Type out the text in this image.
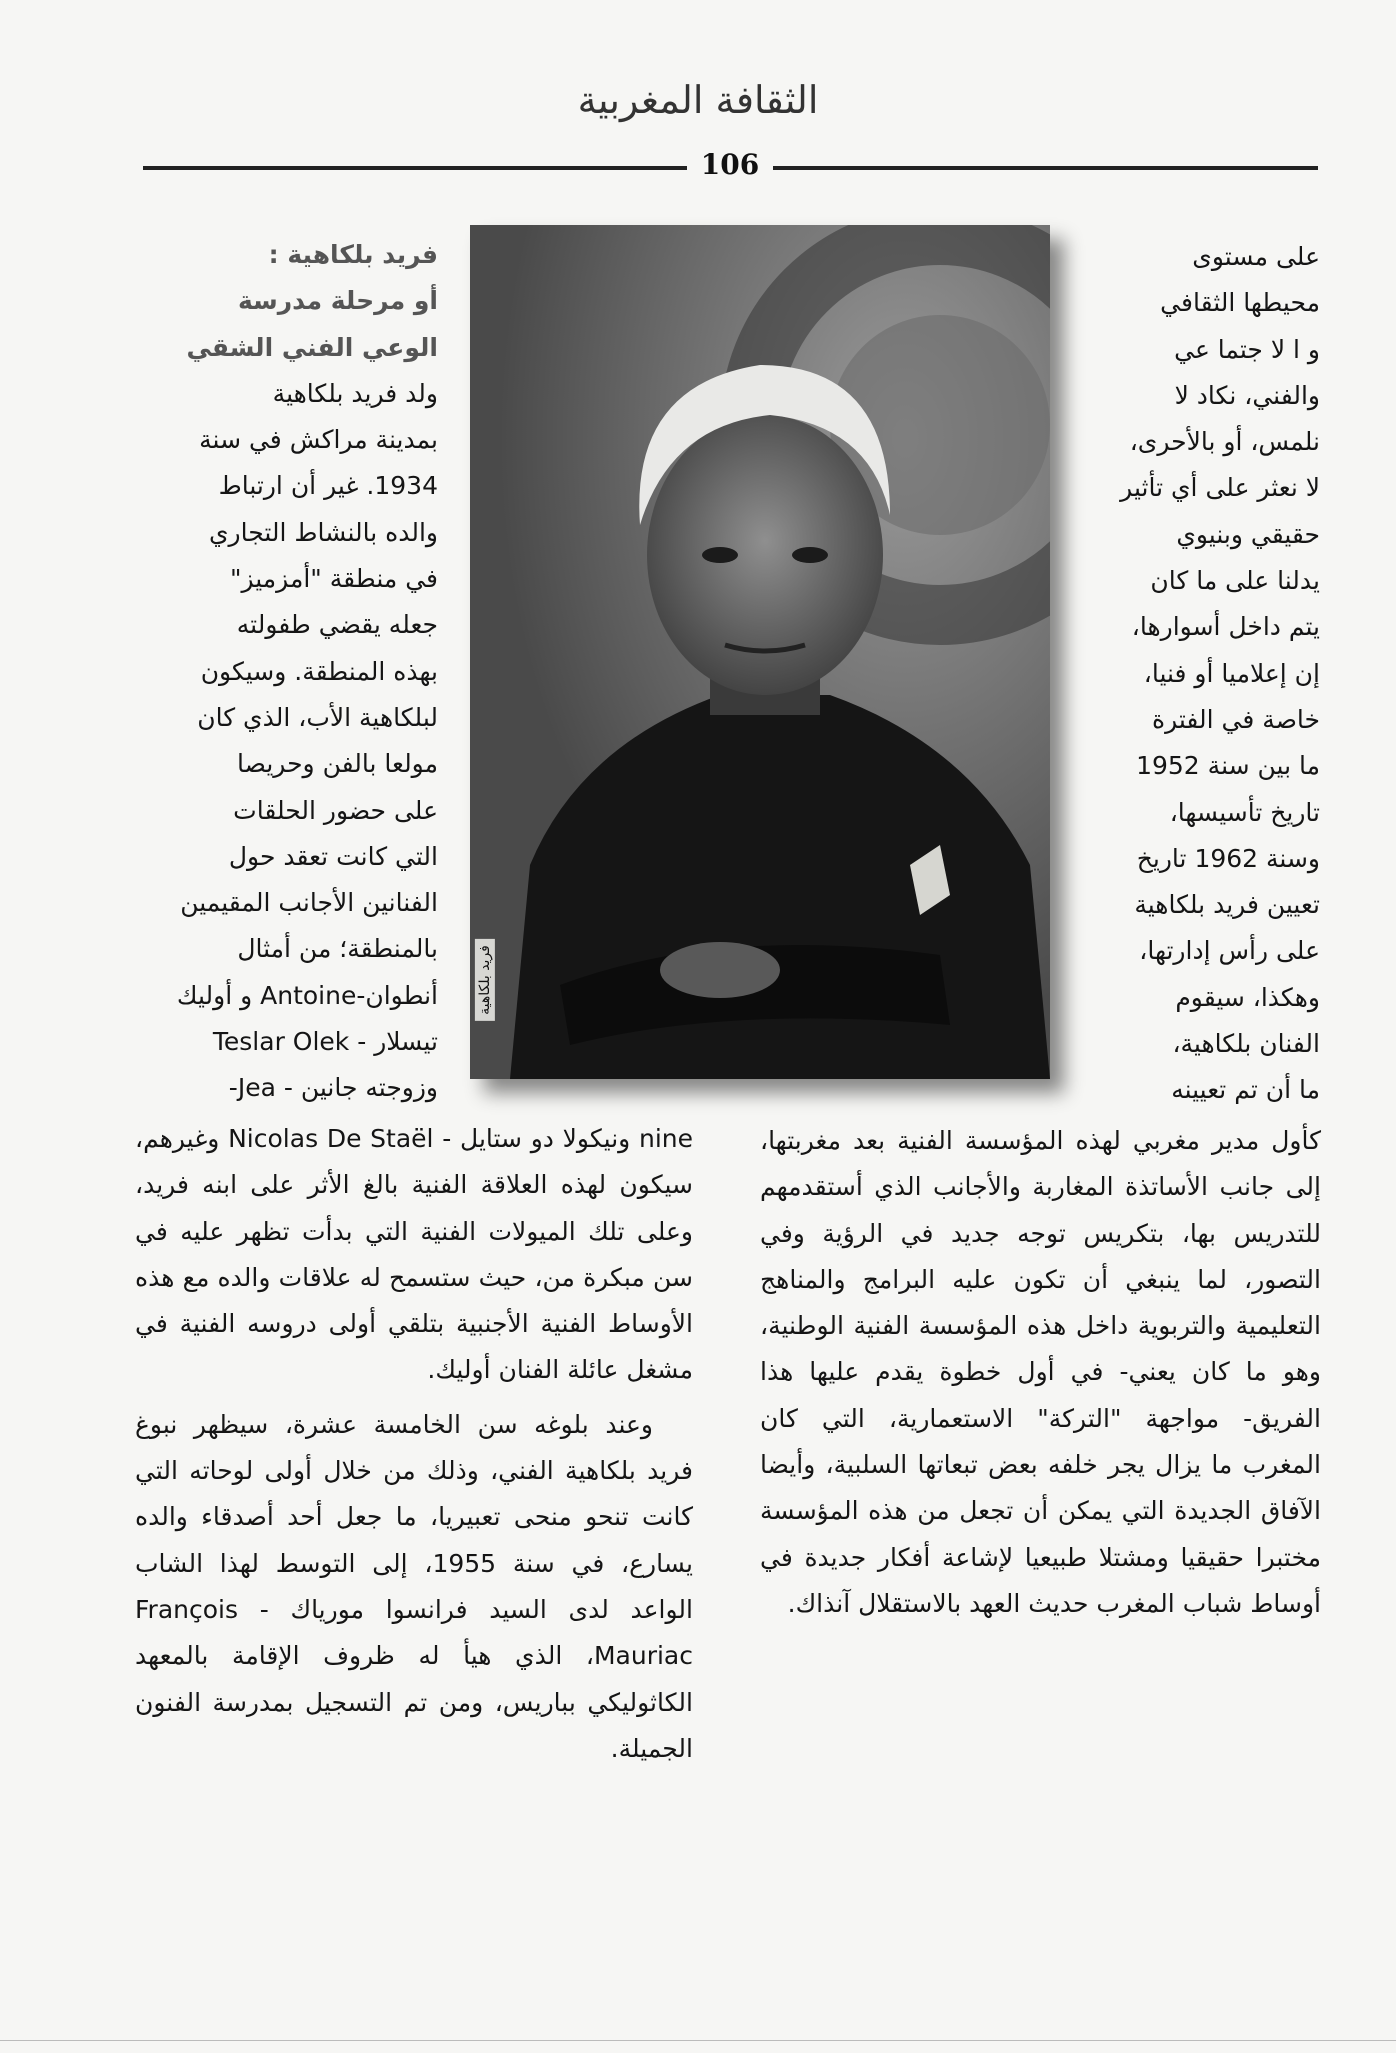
الثقافة المغربية
106
على مستوى
محيطها الثقافي
و ا لا جتما عي
والفني، نكاد لا
نلمس، أو بالأحرى،
لا نعثر على أي تأثير
حقيقي وبنيوي
يدلنا على ما كان
يتم داخل أسوارها،
إن إعلاميا أو فنيا،
خاصة في الفترة
ما بين سنة 1952
تاريخ تأسيسها،
وسنة 1962 تاريخ
تعيين فريد بلكاهية
على رأس إدارتها،
وهكذا، سيقوم
الفنان بلكاهية،
ما أن تم تعيينه

كأول مدير مغربي لهذه المؤسسة الفنية بعد مغربتها، إلى جانب الأساتذة المغاربة والأجانب الذي أستقدمهم للتدريس بها، بتكريس توجه جديد في الرؤية وفي التصور، لما ينبغي أن تكون عليه البرامج والمناهج التعليمية والتربوية داخل هذه المؤسسة الفنية الوطنية، وهو ما كان يعني- في أول خطوة يقدم عليها هذا الفريق- مواجهة "التركة" الاستعمارية، التي كان المغرب ما يزال يجر خلفه بعض تبعاتها السلبية، وأيضا الآفاق الجديدة التي يمكن أن تجعل من هذه المؤسسة مختبرا حقيقيا ومشتلا طبيعيا لإشاعة أفكار جديدة في أوساط شباب المغرب حديث العهد بالاستقلال آنذاك.

فريد بلكاهية
فريد بلكاهية :
أو مرحلة مدرسة
الوعي الفني الشقي
ولد فريد بلكاهية
بمدينة مراكش في سنة
1934. غير أن ارتباط
والده بالنشاط التجاري
في منطقة "أمزميز"
جعله يقضي طفولته
بهذه المنطقة. وسيكون
لبلكاهية الأب، الذي كان
مولعا بالفن وحريصا
على حضور الحلقات
التي كانت تعقد حول
الفنانين الأجانب المقيمين
بالمنطقة؛ من أمثال
أنطوان-Antoine و أوليك
تيسلار - Teslar Olek
وزوجته جانين - Jea-

nine ونيكولا دو ستايل - Nicolas De Staël وغيرهم، سيكون لهذه العلاقة الفنية بالغ الأثر على ابنه فريد، وعلى تلك الميولات الفنية التي بدأت تظهر عليه في سن مبكرة من، حيث ستسمح له علاقات والده مع هذه الأوساط الفنية الأجنبية بتلقي أولى دروسه الفنية في مشغل عائلة الفنان أوليك.

وعند بلوغه سن الخامسة عشرة، سيظهر نبوغ فريد بلكاهية الفني، وذلك من خلال أولى لوحاته التي كانت تنحو منحى تعبيريا، ما جعل أحد أصدقاء والده يسارع، في سنة 1955، إلى التوسط لهذا الشاب الواعد لدى السيد فرانسوا مورياك - François Mauriac، الذي هيأ له ظروف الإقامة بالمعهد الكاثوليكي بباريس، ومن تم التسجيل بمدرسة الفنون الجميلة.
